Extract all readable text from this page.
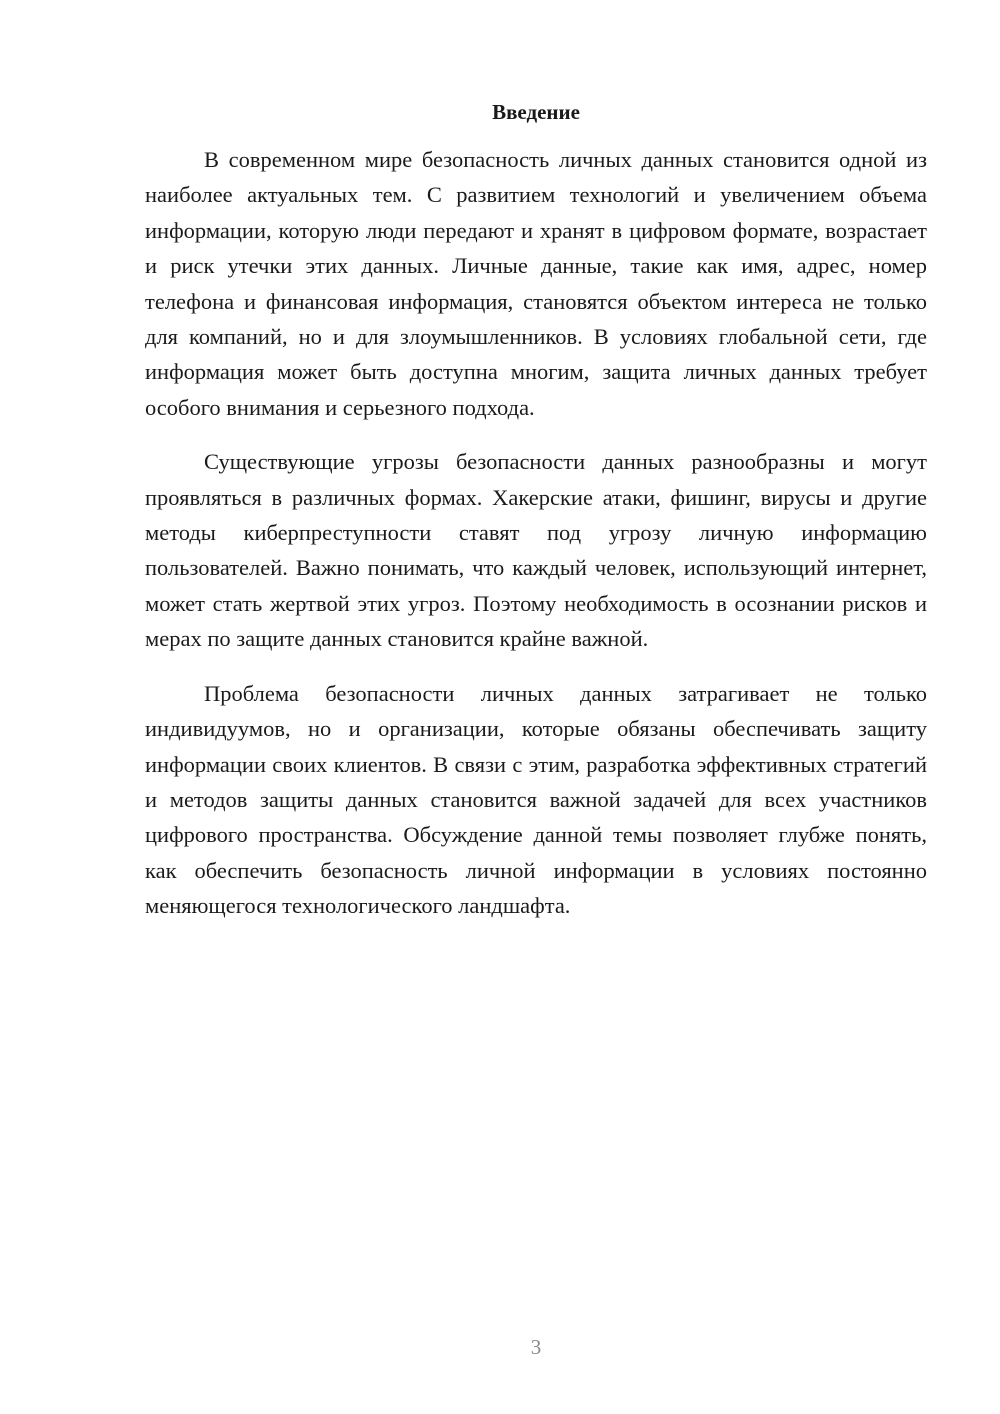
Введение

В современном мире безопасность личных данных становится одной из наиболее актуальных тем. С развитием технологий и увеличением объема информации, которую люди передают и хранят в цифровом формате, возрастает и риск утечки этих данных. Личные данные, такие как имя, адрес, номер телефона и финансовая информация, становятся объектом интереса не только для компаний, но и для злоумышленников. В условиях глобальной сети, где информация может быть доступна многим, защита личных данных требует особого внимания и серьезного подхода.

Существующие угрозы безопасности данных разнообразны и могут проявляться в различных формах. Хакерские атаки, фишинг, вирусы и другие методы киберпреступности ставят под угрозу личную информацию пользователей. Важно понимать, что каждый человек, использующий интернет, может стать жертвой этих угроз. Поэтому необходимость в осознании рисков и мерах по защите данных становится крайне важной.

Проблема безопасности личных данных затрагивает не только индивидуумов, но и организации, которые обязаны обеспечивать защиту информации своих клиентов. В связи с этим, разработка эффективных стратегий и методов защиты данных становится важной задачей для всех участников цифрового пространства. Обсуждение данной темы позволяет глубже понять, как обеспечить безопасность личной информации в условиях постоянно меняющегося технологического ландшафта.

3
